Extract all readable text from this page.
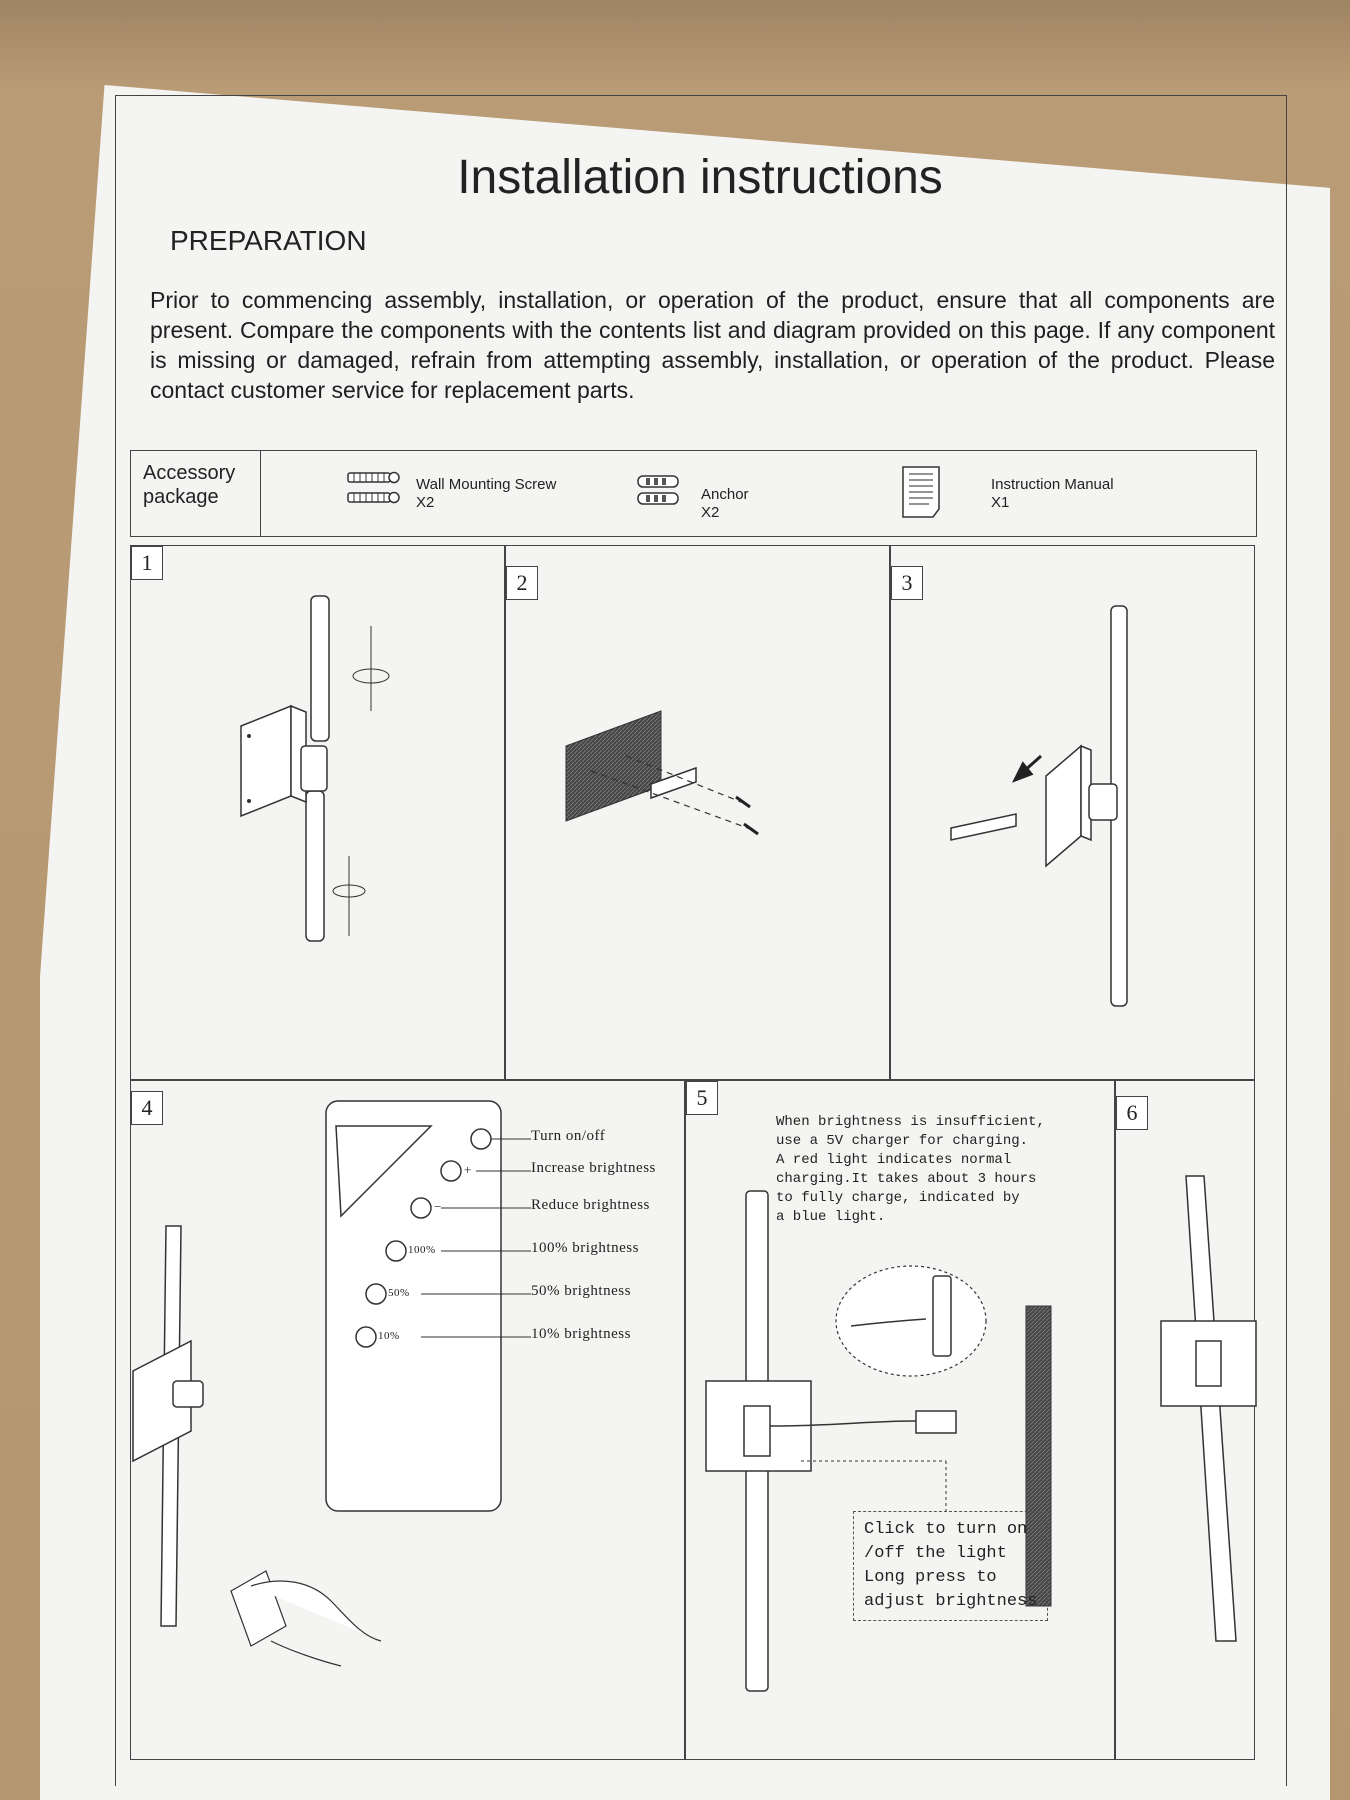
Installation instructions
PREPARATION
Prior to commencing assembly, installation, or operation of the product, ensure that all components are present. Compare the components with the contents list and diagram provided on this page. If any component is missing or damaged, refrain from attempting assembly, installation, or operation of the product. Please contact customer service for replacement parts.
Accessory package
Wall Mounting Screw
X2	Anchor
X2
Instruction Manual
X1
1
2	3
4
Turn on/off
Increase brightness
Reduce brightness
100% brightness
50% brightness
10% brightness
+
−
100%
50%
10%
5
When brightness is insufficient,
use a 5V charger for charging.
A red light indicates normal
charging.It takes about 3 hours
to fully charge, indicated by
a blue light.
Click to turn on
/off the light
Long press to
adjust brightness
6
